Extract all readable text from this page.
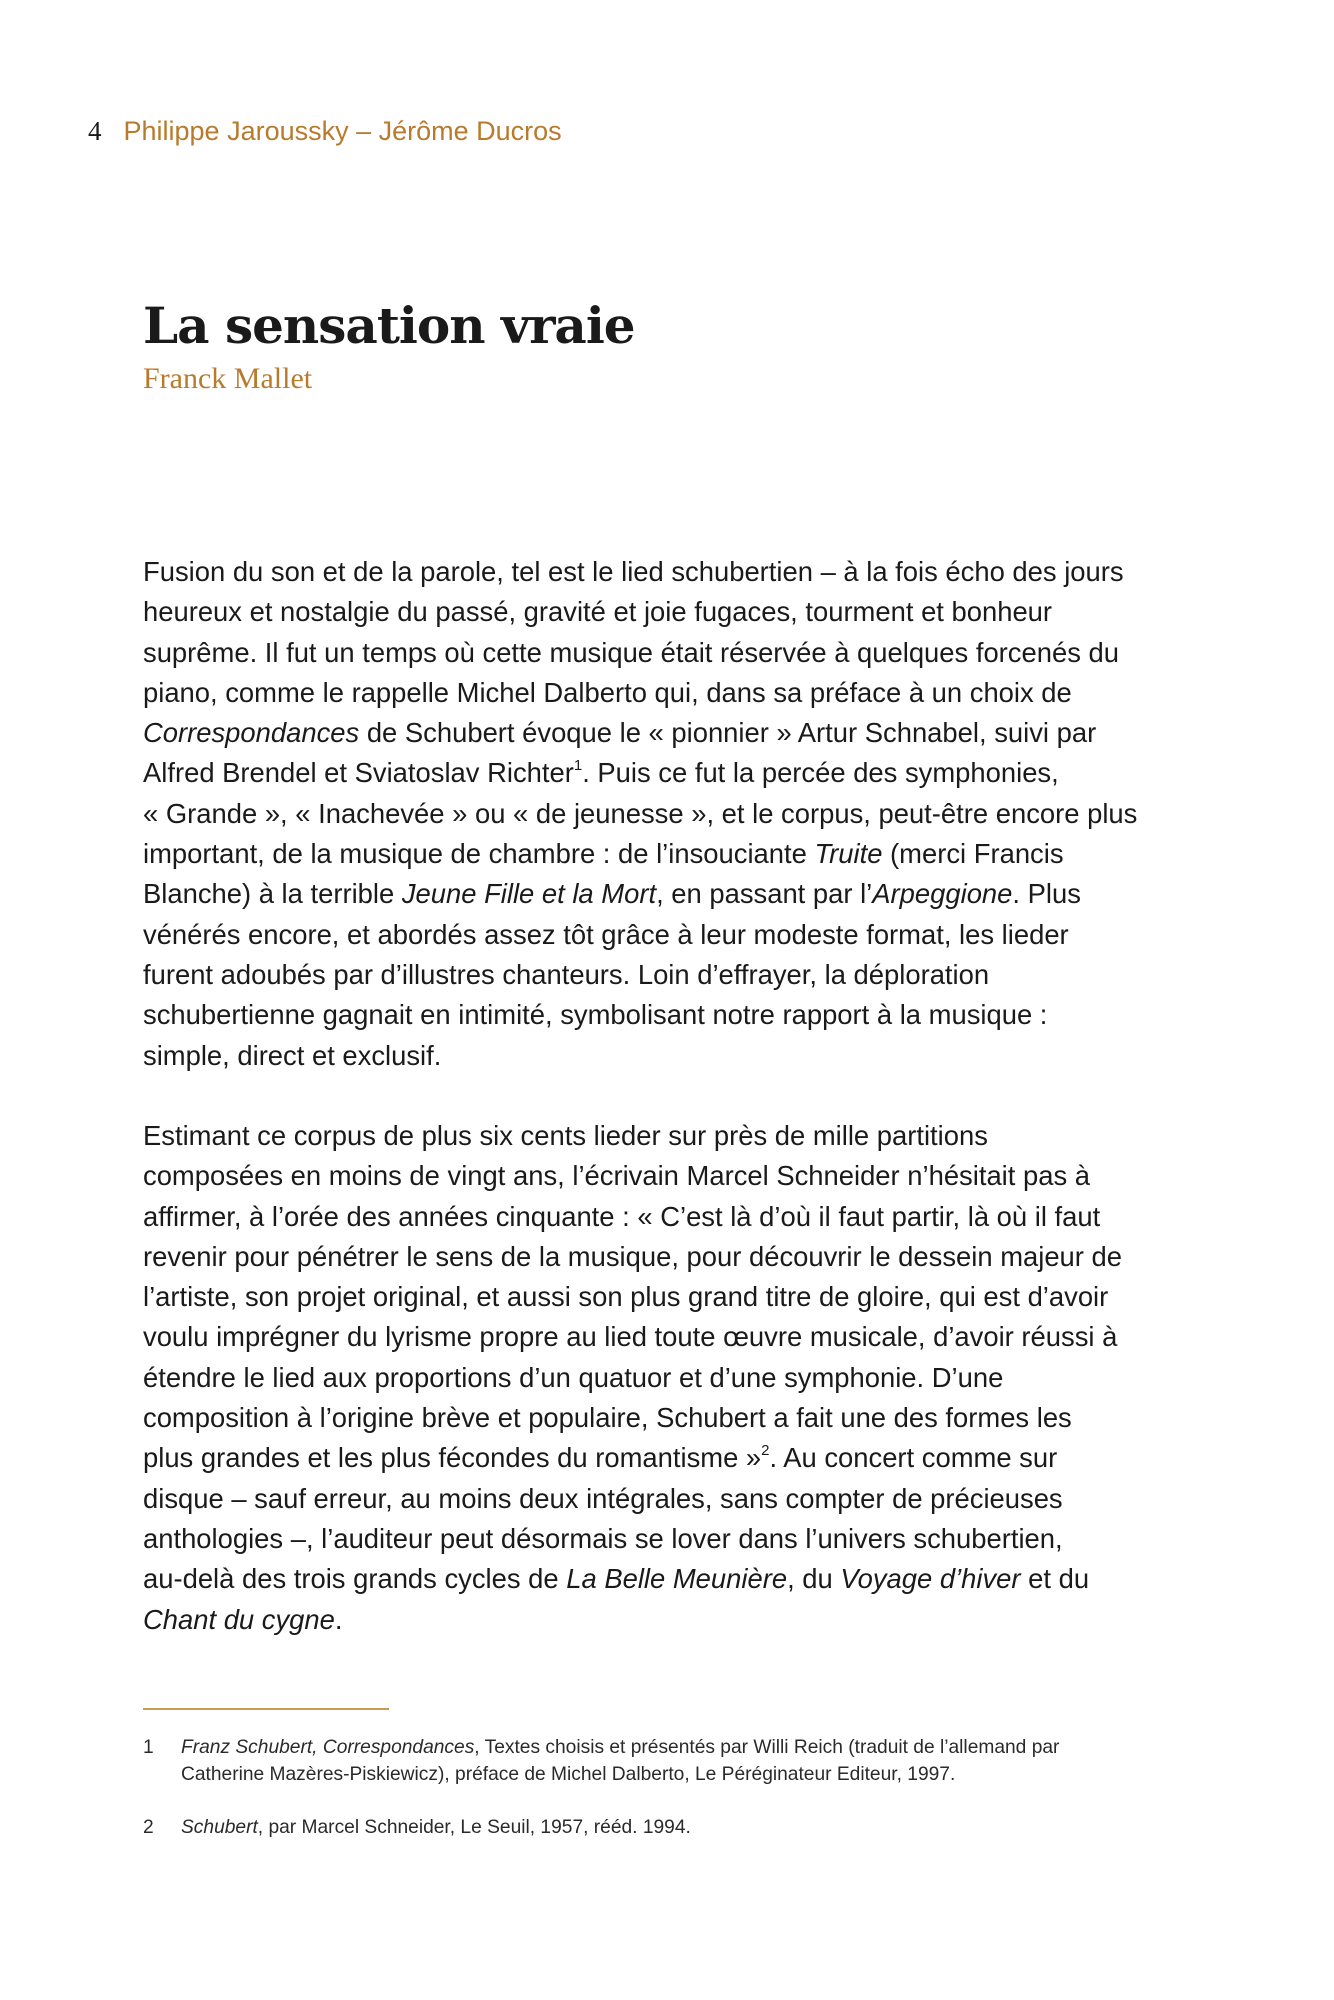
4 Philippe Jaroussky – Jérôme Ducros
La sensation vraie
Franck Mallet
Fusion du son et de la parole, tel est le lied schubertien – à la fois écho des jours
heureux et nostalgie du passé, gravité et joie fugaces, tourment et bonheur
suprême. Il fut un temps où cette musique était réservée à quelques forcenés du
piano, comme le rappelle Michel Dalberto qui, dans sa préface à un choix de
Correspondances de Schubert évoque le « pionnier » Artur Schnabel, suivi par
Alfred Brendel et Sviatoslav Richter$^1$. Puis ce fut la percée des symphonies,
« Grande », « Inachevée » ou « de jeunesse », et le corpus, peut-être encore plus
important, de la musique de chambre : de l’insouciante Truite (merci Francis
Blanche) à la terrible Jeune Fille et la Mort, en passant par l’Arpeggione. Plus
vénérés encore, et abordés assez tôt grâce à leur modeste format, les lieder
furent adoubés par d’illustres chanteurs. Loin d’effrayer, la déploration
schubertienne gagnait en intimité, symbolisant notre rapport à la musique :
simple, direct et exclusif.
Estimant ce corpus de plus six cents lieder sur près de mille partitions
composées en moins de vingt ans, l’écrivain Marcel Schneider n’hésitait pas à
affirmer, à l’orée des années cinquante : « C’est là d’où il faut partir, là où il faut
revenir pour pénétrer le sens de la musique, pour découvrir le dessein majeur de
l’artiste, son projet original, et aussi son plus grand titre de gloire, qui est d’avoir
voulu imprégner du lyrisme propre au lied toute œuvre musicale, d’avoir réussi à
étendre le lied aux proportions d’un quatuor et d’une symphonie. D’une
composition à l’origine brève et populaire, Schubert a fait une des formes les
plus grandes et les plus fécondes du romantisme »$^2$. Au concert comme sur
disque – sauf erreur, au moins deux intégrales, sans compter de précieuses
anthologies –, l’auditeur peut désormais se lover dans l’univers schubertien,
au-delà des trois grands cycles de La Belle Meunière, du Voyage d’hiver et du
Chant du cygne.
1 Franz Schubert, Correspondances, Textes choisis et présentés par Willi Reich (traduit de l’allemand par
Catherine Mazères-Piskiewicz), préface de Michel Dalberto, Le Péréginateur Editeur, 1997.
2 Schubert, par Marcel Schneider, Le Seuil, 1957, rééd. 1994.
